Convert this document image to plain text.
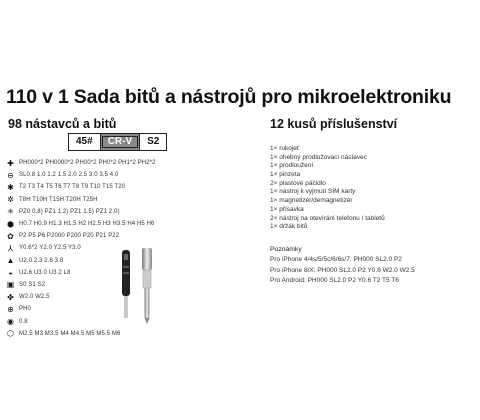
110 v 1 Sada bitů a nástrojů pro mikroelektroniku
98 nástavců a bitů	12 kusů příslušenství
45#	CR-V	S2
✚ PH000*2 PH0000*2 PH00*2 PH0*2 PH1*2 PH2*2
⊖ SL0.8 1.0 1.2 1.5 2.0 2.5 3.0 3.5 4.0
✱ T2 T3 T4 T5 T6 T7 T8 T9 T10 T15 T20
✲ T8H T10H T15H T20H T25H
✳ PZ0 0.8) PZ1 1.2) PZ1 1.5) PZ1 2.0)
⬢ H0.7 H0.9 H1.3 H1.5 H2 H2.5 H3 H3.5 H4 H5 H6
✿ P2 P5 P6 P2000 P200 P20 P21 P22
⅄	Y0.6*2 Y2.0 Y2.5 Y3.0
▲ U2.0 2.3 2.6 3.0
◒	U2.6 U3.0 U3.2 L8
▣ S0 S1 S2
✤ W2.0 W2.5
⊕ PH0
◉ 0.8
⬡ M2.5 M3 M3.5 M4 M4.5 M5 M5.5 M6
1× rukojeť
1× ohebný prodlužovací nástavec
1× prodloužení
1× pinzeta
2× plastové páčidlo
1× nástroj k vyjmutí SIM karty
1× magnetizér/demagnetizér
1× přísavka
2× nástroj na otevírání telefonu / tabletů
1× držák bitů
Poznámky
Pro iPhone 4/4s/5/5c/6/6s/7: PH000 SL2.0 P2
Pro iPhone 8/X: PH000 SL2.0 P2 Y0.6 W2.0 W2.5
Pro Android: PH000 SL2.0 P2 Y0.6 T2 T5 T6
